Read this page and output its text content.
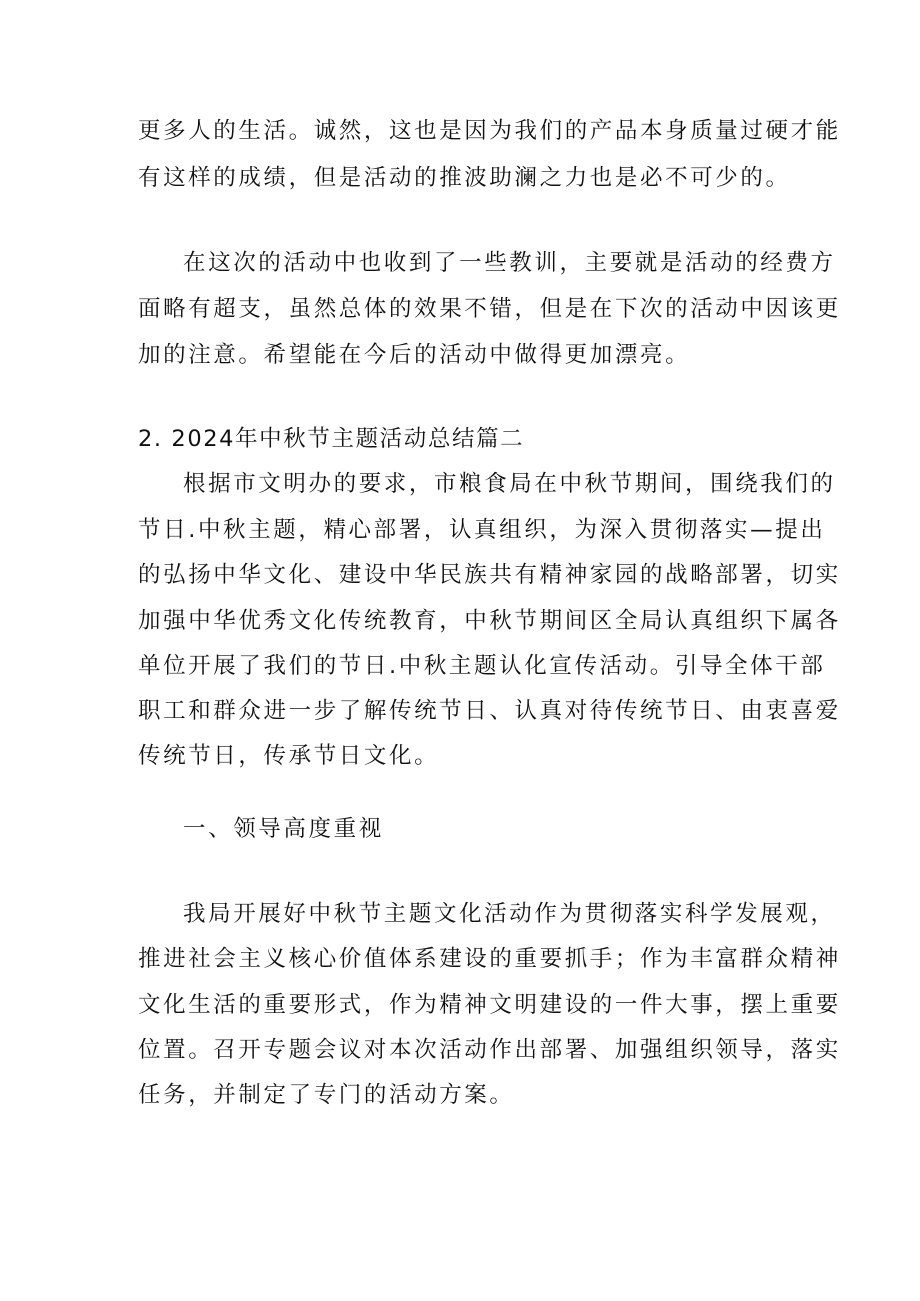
更多人的生活。诚然，这也是因为我们的产品本身质量过硬才能
有这样的成绩，但是活动的推波助澜之力也是必不可少的。
在这次的活动中也收到了一些教训，主要就是活动的经费方
面略有超支，虽然总体的效果不错，但是在下次的活动中因该更
加的注意。希望能在今后的活动中做得更加漂亮。
2. 2024年中秋节主题活动总结篇二
根据市文明办的要求，市粮食局在中秋节期间，围绕我们的
节日.中秋主题，精心部署，认真组织，为深入贯彻落实—提出
的弘扬中华文化、建设中华民族共有精神家园的战略部署，切实
加强中华优秀文化传统教育，中秋节期间区全局认真组织下属各
单位开展了我们的节日.中秋主题认化宣传活动。引导全体干部
职工和群众进一步了解传统节日、认真对待传统节日、由衷喜爱
传统节日，传承节日文化。
一、领导高度重视
我局开展好中秋节主题文化活动作为贯彻落实科学发展观，
推进社会主义核心价值体系建设的重要抓手；作为丰富群众精神
文化生活的重要形式，作为精神文明建设的一件大事，摆上重要
位置。召开专题会议对本次活动作出部署、加强组织领导，落实
任务，并制定了专门的活动方案。
